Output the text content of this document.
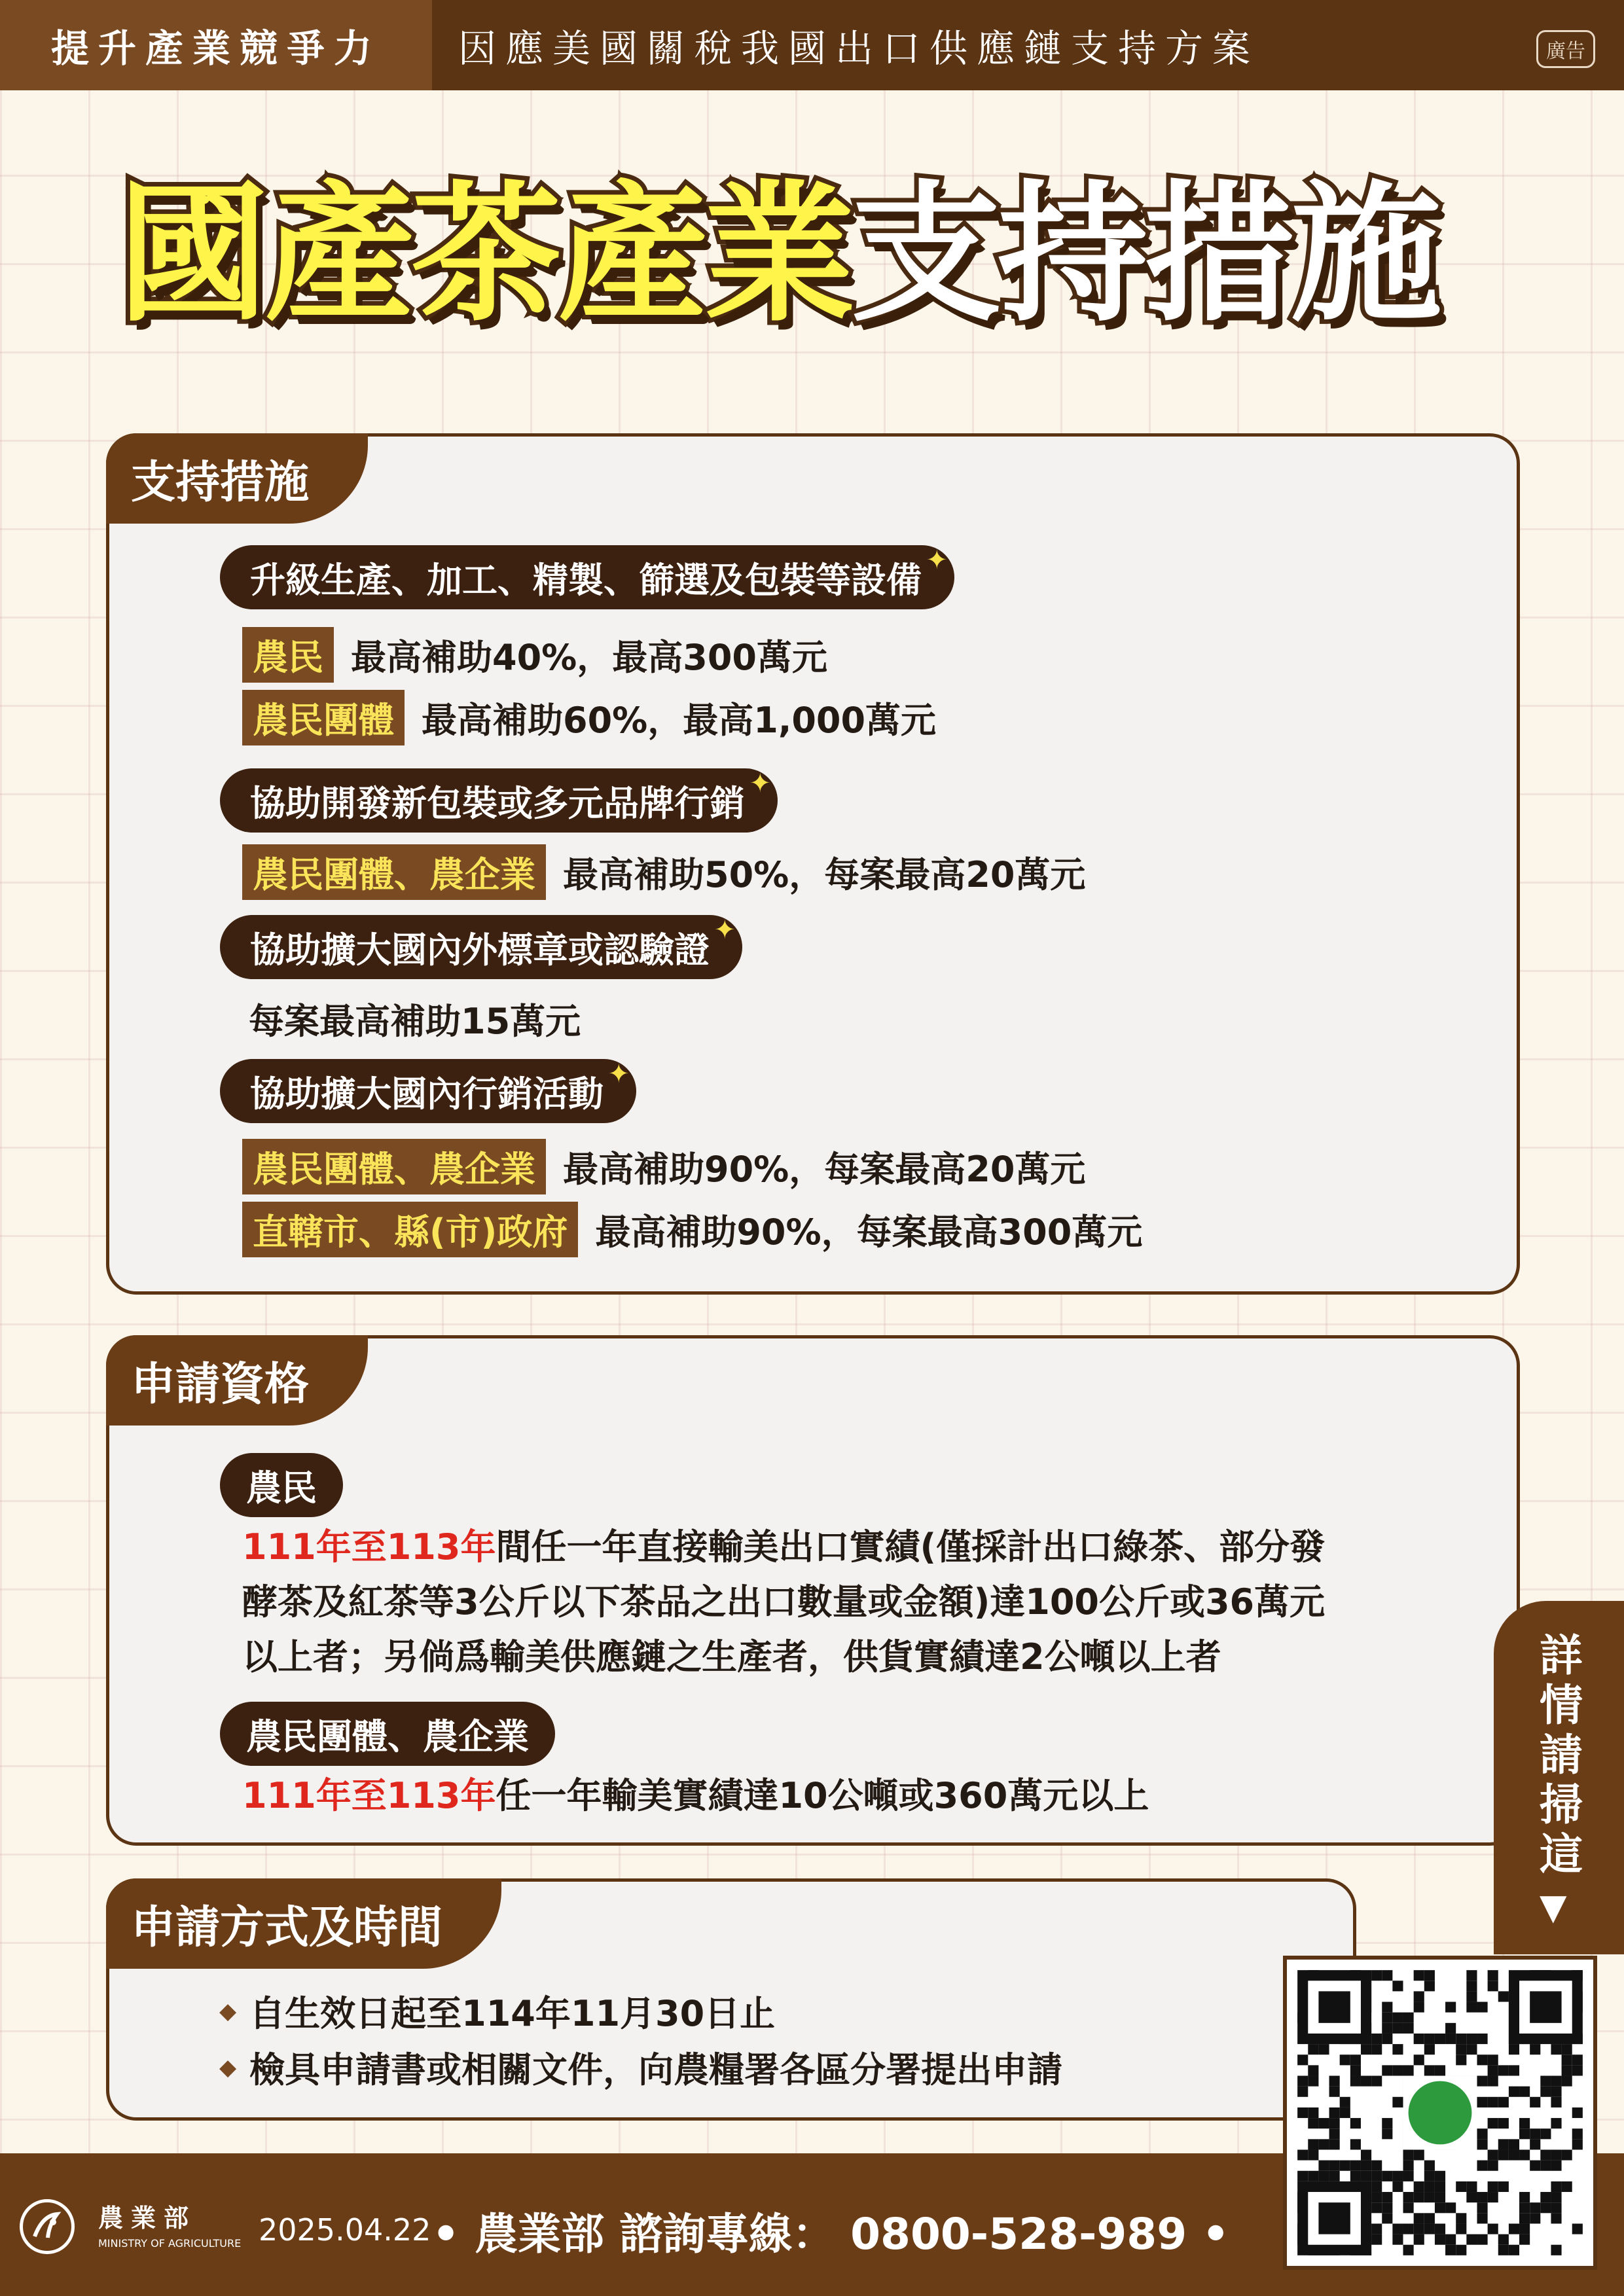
提升產業競爭力	因應美國關稅我國出口供應鏈支持方案	廣告
國產茶產業支持措施
支持措施
升級生產、加工、精製、篩選及包裝等設備 ✦
農民 最高補助40%，最高300萬元
農民團體 最高補助60%，最高1,000萬元
協助開發新包裝或多元品牌行銷 ✦
農民團體、農企業 最高補助50%，每案最高20萬元
協助擴大國內外標章或認驗證 ✦
每案最高補助15萬元
協助擴大國內行銷活動 ✦
農民團體、農企業 最高補助90%，每案最高20萬元
直轄市、縣(市)政府 最高補助90%，每案最高300萬元
申請資格
農民
111年至113年間任一年直接輸美出口實績(僅採計出口綠茶、部分發
酵茶及紅茶等3公斤以下茶品之出口數量或金額)達100公斤或36萬元
以上者；另倘爲輸美供應鏈之生產者，供貨實績達2公噸以上者
農民團體、農企業
111年至113年任一年輸美實績達10公噸或360萬元以上
申請方式及時間
◆ 自生效日起至114年11月30日止
◆ 檢具申請書或相關文件，向農糧署各區分署提出申請
詳情請掃這
▼
農業部
MINISTRY OF AGRICULTURE 2025.04.22 • 農業部 諮詢專線： 0800-528-989 •
